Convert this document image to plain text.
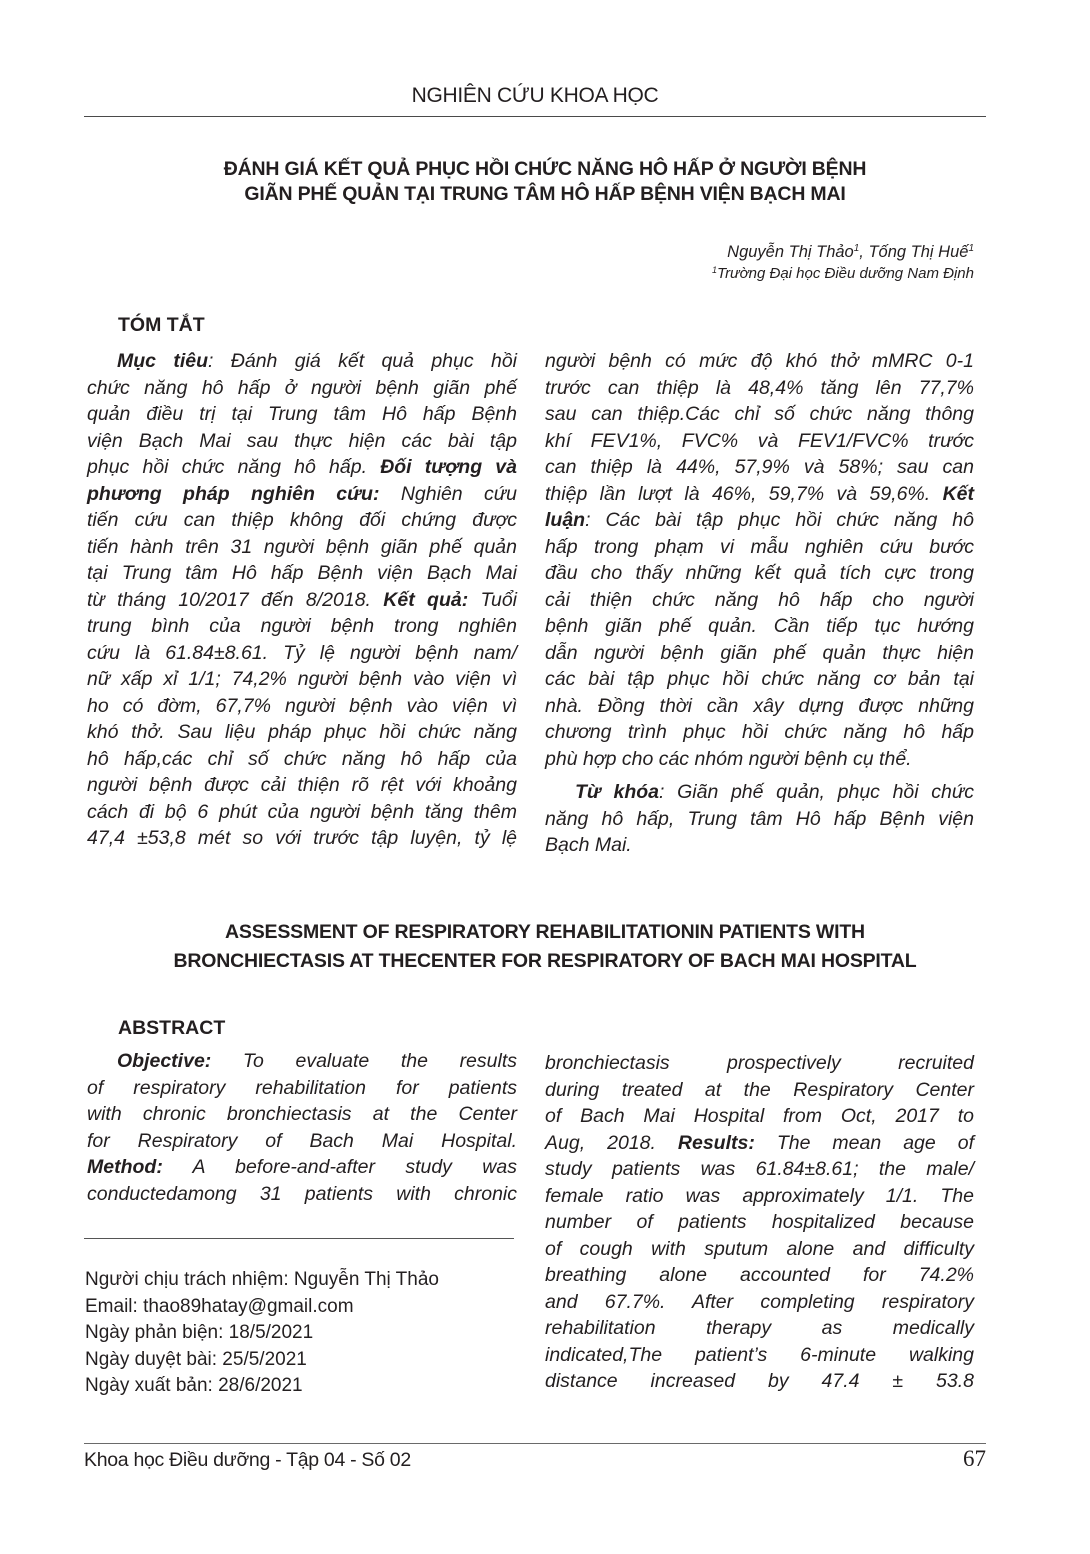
NGHIÊN CỨU KHOA HỌC
ĐÁNH GIÁ KẾT QUẢ PHỤC HỒI CHỨC NĂNG HÔ HẤP Ở NGƯỜI BỆNH
GIÃN PHẾ QUẢN TẠI TRUNG TÂM HÔ HẤP BỆNH VIỆN BẠCH MAI
Nguyễn Thị Thảo$^1$, Tống Thị Huế$^1$
$^1$Trường Đại học Điều dưỡng Nam Định
TÓM TẮT
Mục tiêu: Đánh giá kết quả phục hồi
chức năng hô hấp ở người bệnh giãn phế
quản điều trị tại Trung tâm Hô hấp Bệnh
viện Bạch Mai sau thực hiện các bài tập
phục hồi chức năng hô hấp. Đối tượng và
phương pháp nghiên cứu: Nghiên cứu
tiến cứu can thiệp không đối chứng được
tiến hành trên 31 người bệnh giãn phế quản
tại Trung tâm Hô hấp Bệnh viện Bạch Mai
từ tháng 10/2017 đến 8/2018. Kết quả: Tuổi
trung bình của người bệnh trong nghiên
cứu là 61.84±8.61. Tỷ lệ người bệnh nam/
nữ xấp xỉ 1/1; 74,2% người bệnh vào viện vì
ho có đờm, 67,7% người bệnh vào viện vì
khó thở. Sau liệu pháp phục hồi chức năng
hô hấp,các chỉ số chức năng hô hấp của
người bệnh được cải thiện rõ rệt với khoảng
cách đi bộ 6 phút của người bệnh tăng thêm
47,4 ±53,8 mét so với trước tập luyện, tỷ lệ
người bệnh có mức độ khó thở mMRC 0-1
trước can thiệp là 48,4% tăng lên 77,7%
sau can thiệp.Các chỉ số chức năng thông
khí FEV1%, FVC% và FEV1/FVC% trước
can thiệp là 44%, 57,9% và 58%; sau can
thiệp lần lượt là 46%, 59,7% và 59,6%. Kết
luận: Các bài tập phục hồi chức năng hô
hấp trong phạm vi mẫu nghiên cứu bước
đầu cho thấy những kết quả tích cực trong
cải thiện chức năng hô hấp cho người
bệnh giãn phế quản. Cần tiếp tục hướng
dẫn người bệnh giãn phế quản thực hiện
các bài tập phục hồi chức năng cơ bản tại
nhà. Đồng thời cần xây dựng được những
chương trình phục hồi chức năng hô hấp
phù hợp cho các nhóm người bệnh cụ thể.
Từ khóa: Giãn phế quản, phục hồi chức
năng hô hấp, Trung tâm Hô hấp Bệnh viện
Bạch Mai.
ASSESSMENT OF RESPIRATORY REHABILITATIONIN PATIENTS WITH
BRONCHIECTASIS AT THECENTER FOR RESPIRATORY OF BACH MAI HOSPITAL
ABSTRACT
Objective: To evaluate the results
of respiratory rehabilitation for patients
with chronic bronchiectasis at the Center
for Respiratory of Bach Mai Hospital.
Method: A before-and-after study was
conductedamong 31 patients with chronic
bronchiectasis prospectively recruited
during treated at the Respiratory Center
of Bach Mai Hospital from Oct, 2017 to
Aug, 2018. Results: The mean age of
study patients was 61.84±8.61; the male/
female ratio was approximately 1/1. The
number of patients hospitalized because
of cough with sputum alone and difficulty
breathing alone accounted for 74.2%
and 67.7%. After completing respiratory
rehabilitation therapy as medically
indicated,The patient’s 6-minute walking
distance increased by 47.4 ± 53.8
Người chịu trách nhiệm: Nguyễn Thị Thảo
Email: thao89hatay@gmail.com
Ngày phản biện: 18/5/2021
Ngày duyệt bài: 25/5/2021
Ngày xuất bản: 28/6/2021
Khoa học Điều dưỡng - Tập 04 - Số 02	67
